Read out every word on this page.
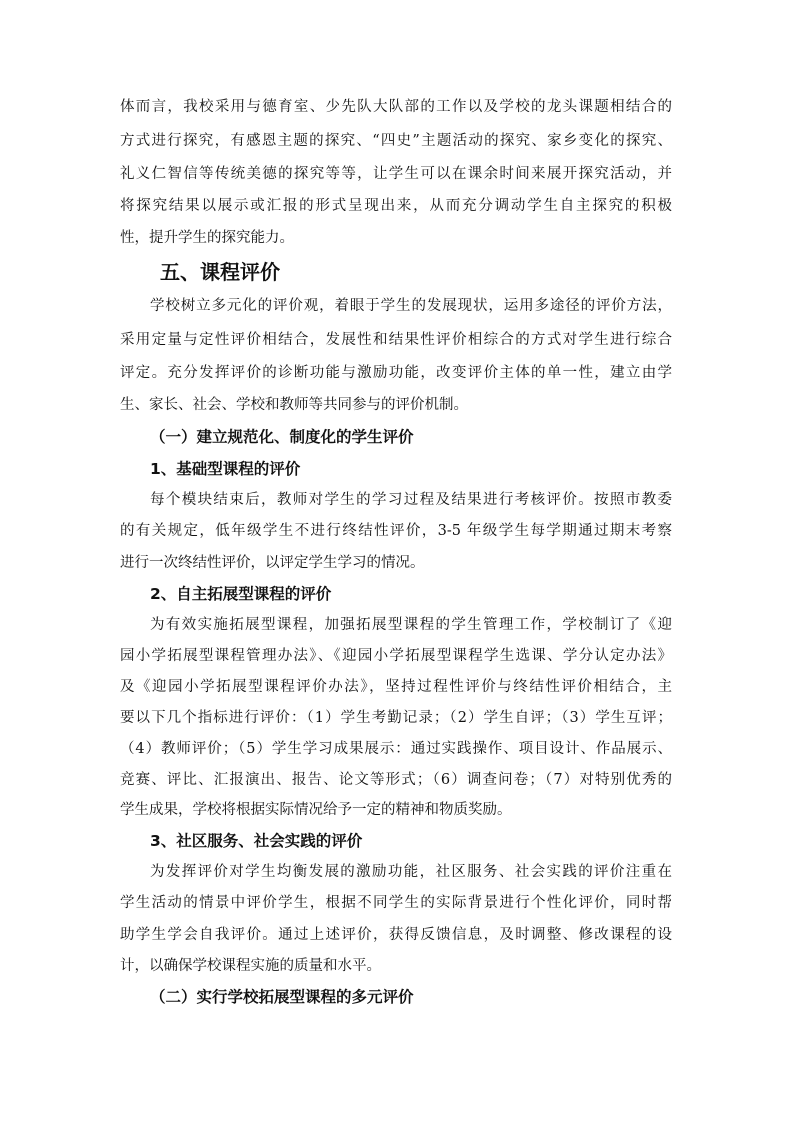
体而言，我校采用与德育室、少先队大队部的工作以及学校的龙头课题相结合的
方式进行探究，有感恩主题的探究、“四史”主题活动的探究、家乡变化的探究、
礼义仁智信等传统美德的探究等等，让学生可以在课余时间来展开探究活动，并
将探究结果以展示或汇报的形式呈现出来，从而充分调动学生自主探究的积极
性，提升学生的探究能力。
五、课程评价
学校树立多元化的评价观，着眼于学生的发展现状，运用多途径的评价方法，
采用定量与定性评价相结合，发展性和结果性评价相综合的方式对学生进行综合
评定。充分发挥评价的诊断功能与激励功能，改变评价主体的单一性，建立由学
生、家长、社会、学校和教师等共同参与的评价机制。
（一）建立规范化、制度化的学生评价
1、基础型课程的评价
每个模块结束后，教师对学生的学习过程及结果进行考核评价。按照市教委
的有关规定，低年级学生不进行终结性评价，3-5 年级学生每学期通过期末考察
进行一次终结性评价，以评定学生学习的情况。
2、自主拓展型课程的评价
为有效实施拓展型课程，加强拓展型课程的学生管理工作，学校制订了《迎
园小学拓展型课程管理办法》、《迎园小学拓展型课程学生选课、学分认定办法》
及《迎园小学拓展型课程评价办法》，坚持过程性评价与终结性评价相结合，主
要以下几个指标进行评价：（1）学生考勤记录；（2）学生自评；（3）学生互评；
（4）教师评价；（5）学生学习成果展示：通过实践操作、项目设计、作品展示、
竞赛、评比、汇报演出、报告、论文等形式；（6）调查问卷；（7）对特别优秀的
学生成果，学校将根据实际情况给予一定的精神和物质奖励。
3、社区服务、社会实践的评价
为发挥评价对学生均衡发展的激励功能，社区服务、社会实践的评价注重在
学生活动的情景中评价学生，根据不同学生的实际背景进行个性化评价，同时帮
助学生学会自我评价。通过上述评价，获得反馈信息，及时调整、修改课程的设
计，以确保学校课程实施的质量和水平。
（二）实行学校拓展型课程的多元评价
